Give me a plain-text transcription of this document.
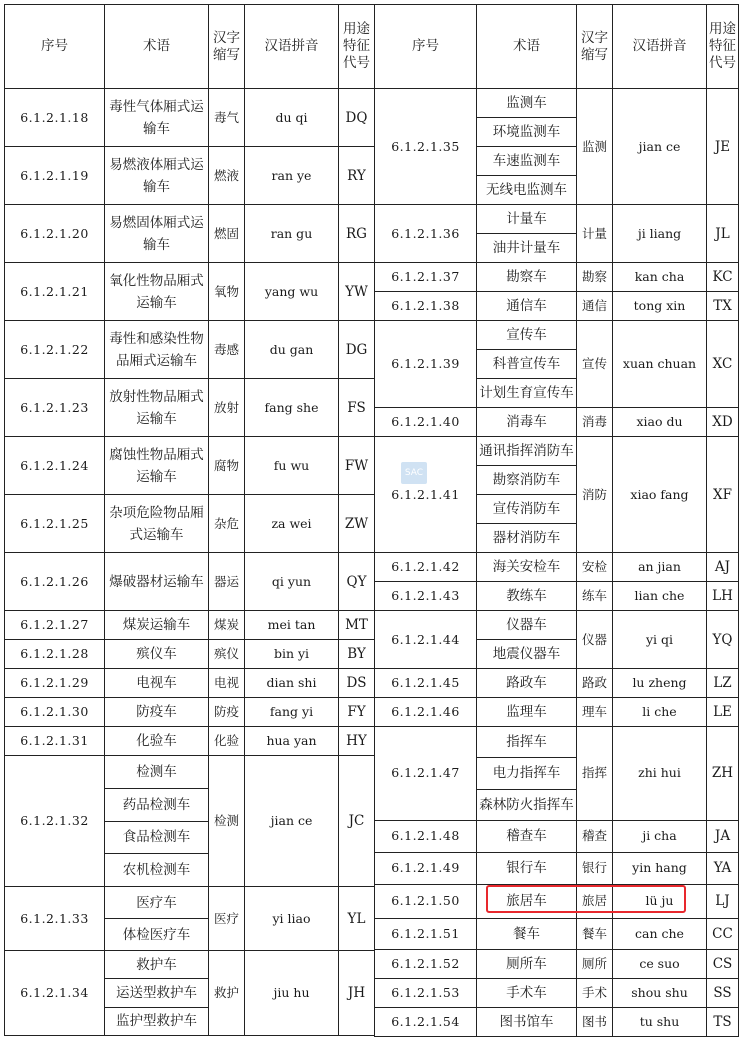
序号	术语	汉字缩写	汉语拼音	用途特征代号
6.1.2.1.18	毒性气体厢式运输车	毒气	du qi	DQ
6.1.2.1.19	易燃液体厢式运输车	燃液	ran ye	RY
6.1.2.1.20	易燃固体厢式运输车	燃固	ran gu	RG
6.1.2.1.21	氧化性物品厢式运输车	氧物	yang wu	YW
6.1.2.1.22	毒性和感染性物品厢式运输车	毒感	du gan	DG
6.1.2.1.23	放射性物品厢式运输车	放射	fang she	FS
6.1.2.1.24	腐蚀性物品厢式运输车	腐物	fu wu	FW
6.1.2.1.25	杂项危险物品厢式运输车	杂危	za wei	ZW
6.1.2.1.26	爆破器材运输车	器运	qi yun	QY
6.1.2.1.27	煤炭运输车	煤炭	mei tan	MT
6.1.2.1.28	殡仪车	殡仪	bin yi	BY
6.1.2.1.29	电视车	电视	dian shi	DS
6.1.2.1.30	防疫车	防疫	fang yi	FY
6.1.2.1.31	化验车	化验	hua yan	HY
6.1.2.1.32	检测车	检测	jian ce	JC
	药品检测车			
	食品检测车			
	农机检测车			
6.1.2.1.33	医疗车	医疗	yi liao	YL
	体检医疗车			
6.1.2.1.34	救护车	救护	jiu hu	JH
	运送型救护车			
	监护型救护车			
序号	术语	汉字缩写	汉语拼音	用途特征代号
6.1.2.1.35	监测车	监测	jian ce	JE
	环境监测车			
	车速监测车			
	无线电监测车			
6.1.2.1.36	计量车	计量	ji liang	JL
	油井计量车			
6.1.2.1.37	勘察车	勘察	kan cha	KC
6.1.2.1.38	通信车	通信	tong xin	TX
6.1.2.1.39	宣传车	宣传	xuan chuan	XC
	科普宣传车			
	计划生育宣传车			
6.1.2.1.40	消毒车	消毒	xiao du	XD
6.1.2.1.41	通讯指挥消防车	消防	xiao fang	XF
	勘察消防车			
	宣传消防车			
	器材消防车			
6.1.2.1.42	海关安检车	安检	an jian	AJ
6.1.2.1.43	教练车	练车	lian che	LH
6.1.2.1.44	仪器车	仪器	yi qi	YQ
	地震仪器车			
6.1.2.1.45	路政车	路政	lu zheng	LZ
6.1.2.1.46	监理车	理车	li che	LE
6.1.2.1.47	指挥车	指挥	zhi hui	ZH
	电力指挥车			
	森林防火指挥车			
6.1.2.1.48	稽查车	稽查	ji cha	JA
6.1.2.1.49	银行车	银行	yin hang	YA
6.1.2.1.50	旅居车	旅居	lü ju	LJ
6.1.2.1.51	餐车	餐车	can che	CC
6.1.2.1.52	厕所车	厕所	ce suo	CS
6.1.2.1.53	手术车	手术	shou shu	SS
6.1.2.1.54	图书馆车	图书	tu shu	TS
SAC
